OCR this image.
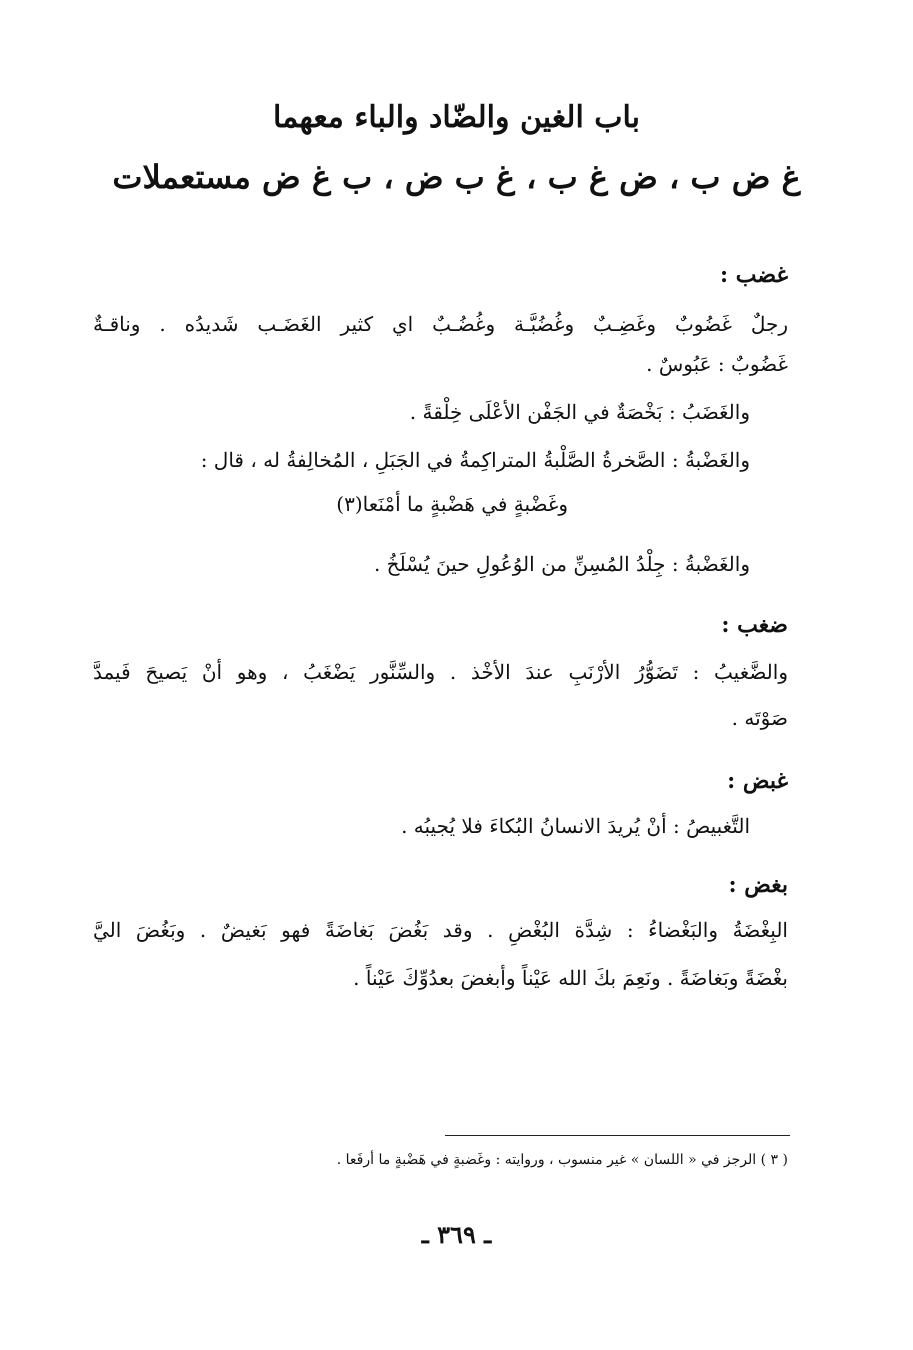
باب الغين والضّاد والباء معهما
غ ض ب ، ض غ ب ، غ ب ض ، ب غ ض مستعملات
غضب :
رجلٌ غَضُوبٌ وغَضِـبٌ وغُضُبَّـة وغُضُـبٌ اي كثير الغَضَـب شَديدُه . وناقـةٌ
غَضُوبٌ : عَبُوسٌ .
والغَضَبُ : بَخْصَةٌ في الجَفْن الأعْلَى خِلْقةً .
والغَضْبةُ : الصَّخرةُ الصَّلْبةُ المتراكِمةُ في الجَبَلِ ، المُخالِفةُ له ، قال :
وغَضْبةٍ في هَضْبةٍ ما أمْنَعا(٣)
والغَضْبةُ : جِلْدُ المُسِنِّ من الوُعُولِ حينَ يُسْلَخُ .
ضغب :
والضَّغيبُ : تَضَوُّرُ الأرْنَبِ عندَ الأخْذ . والسِّنَّور يَضْغَبُ ، وهو أنْ يَصيحَ فَيمدَّ
صَوْتَه .
غبض :
التَّغبيصُ : أنْ يُريدَ الانسانُ البُكاءَ فلا يُجيبُه .
بغض :
البِغْضَةُ والبَغْضاءُ : شِدَّة البُغْضِ . وقد بَغُضَ بَغاضَةً فهو بَغيضٌ . وبَغُضَ اليَّ
بغْضَةً وبَغاضَةً . ونَعِمَ بكَ الله عَيْناً وأبغضَ بعدُوِّكَ عَيْناً .
( ٣ ) الرجز في « اللسان » غير منسوب ، وروايته : وغَضبةٍ في هَضْبةٍ ما أرفَعا .
ـ ٣٦٩ ـ
